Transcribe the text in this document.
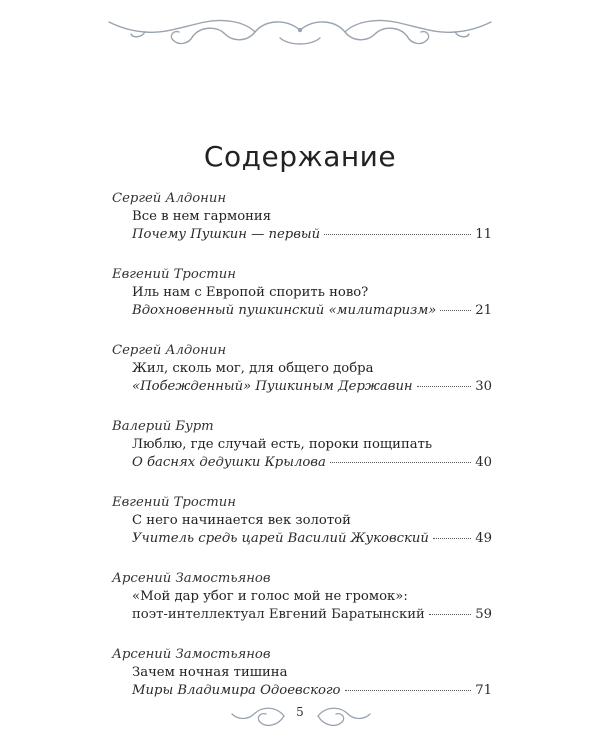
Содержание
Сергей Алдонин
Все в нем гармония
Почему Пушкин — первый	11
Евгений Тростин
Иль нам с Европой спорить ново?
Вдохновенный пушкинский «милитаризм»	21
Сергей Алдонин
Жил, сколь мог, для общего добра
«Побежденный» Пушкиным Державин	30
Валерий Бурт
Люблю, где случай есть, пороки пощипать
О баснях дедушки Крылова	40
Евгений Тростин
С него начинается век золотой
Учитель средь царей Василий Жуковский	49
Арсений Замостьянов
«Мой дар убог и голос мой не громок»:
поэт-интеллектуал Евгений Баратынский	59
Арсений Замостьянов
Зачем ночная тишина
Миры Владимира Одоевского	71
5
